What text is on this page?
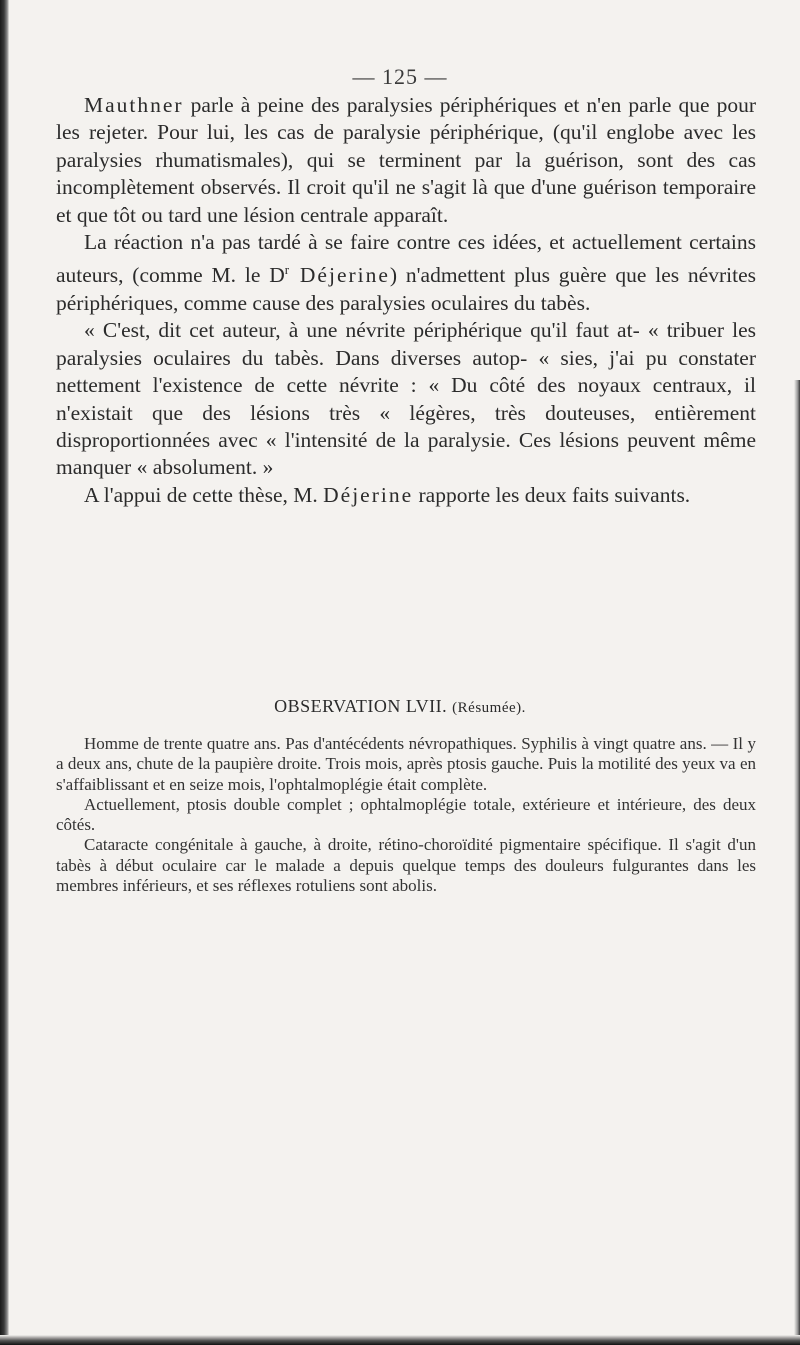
— 125 —

Mauthner parle à peine des paralysies périphériques et n'en parle que pour les rejeter. Pour lui, les cas de paralysie périphérique, (qu'il englobe avec les paralysies rhumatismales), qui se terminent par la guérison, sont des cas incomplètement observés. Il croit qu'il ne s'agit là que d'une guérison temporaire et que tôt ou tard une lésion centrale apparaît.

La réaction n'a pas tardé à se faire contre ces idées, et actuellement certains auteurs, (comme M. le $D^r$ Déjerine) n'admettent plus guère que les névrites périphériques, comme cause des paralysies oculaires du tabès.

« C'est, dit cet auteur, à une névrite périphérique qu'il faut at- « tribuer les paralysies oculaires du tabès. Dans diverses autop- « sies, j'ai pu constater nettement l'existence de cette névrite : « Du côté des noyaux centraux, il n'existait que des lésions très « légères, très douteuses, entièrement disproportionnées avec « l'intensité de la paralysie. Ces lésions peuvent même manquer « absolument. »

A l'appui de cette thèse, M. Déjerine rapporte les deux faits suivants.

OBSERVATION LVII. (Résumée).

Homme de trente quatre ans. Pas d'antécédents névropathiques. Syphilis à vingt quatre ans. — Il y a deux ans, chute de la paupière droite. Trois mois, après ptosis gauche. Puis la motilité des yeux va en s'affaiblissant et en seize mois, l'ophtalmoplégie était complète.

Actuellement, ptosis double complet ; ophtalmoplégie totale, extérieure et intérieure, des deux côtés.

Cataracte congénitale à gauche, à droite, rétino-choroïdité pigmentaire spécifique. Il s'agit d'un tabès à début oculaire car le malade a depuis quelque temps des douleurs fulgurantes dans les membres inférieurs, et ses réflexes rotuliens sont abolis.
